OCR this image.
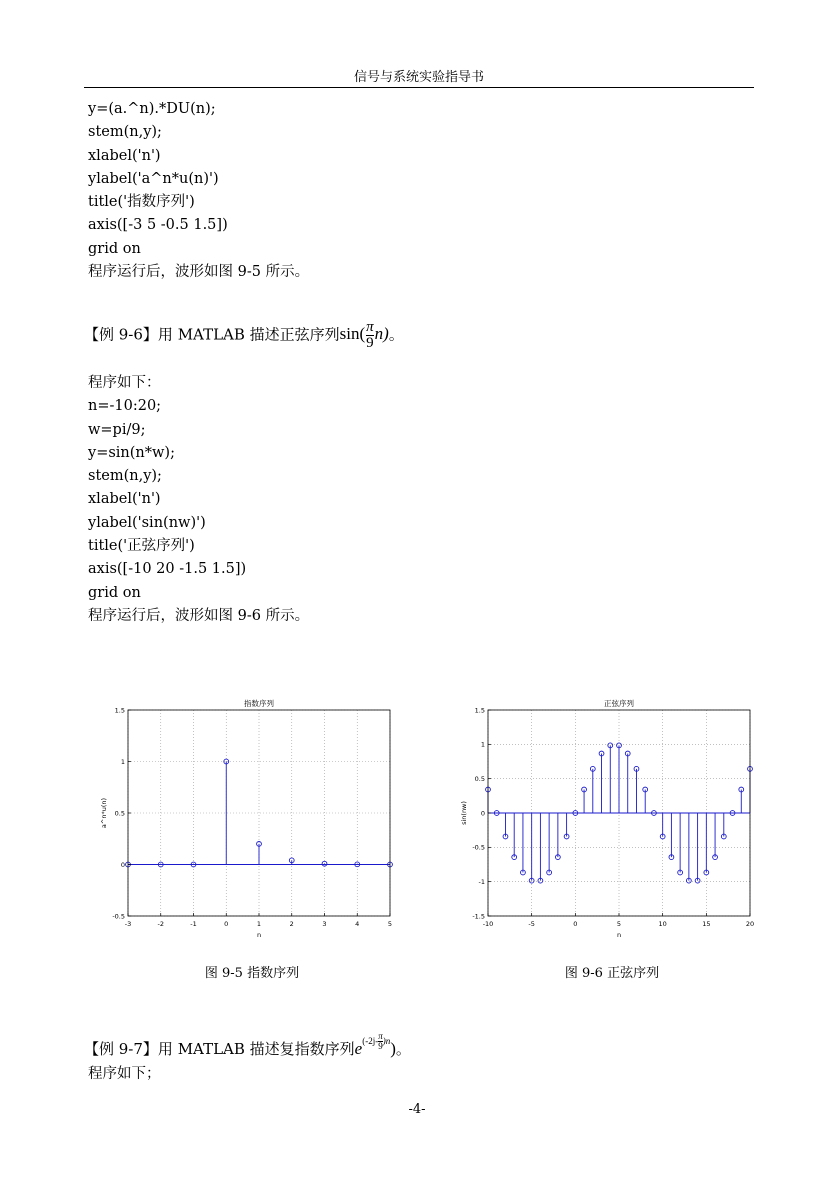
信号与系统实验指导书
y=(a.^n).*DU(n);
stem(n,y);
xlabel('n')
ylabel('a^n*u(n)')
title('指数序列')
axis([-3 5 -0.5 1.5])
grid on
程序运行后，波形如图 9-5 所示。
【例 9-6】用 MATLAB 描述正弦序列$\sin( \frac{\pi}{9} n)$。
程序如下：
n=-10:20;
w=pi/9;
y=sin(n*w);
stem(n,y);
xlabel('n')
ylabel('sin(nw)')
title('正弦序列')
axis([-10 20 -1.5 1.5])
grid on
程序运行后，波形如图 9-6 所示。
-3	-2	-1	0	1	2	3	4	5
-0.5
0
0.5
1
1.5
指数序列
n
a^n*u(n)
-10	-5	0	5	10	15	20
-1.5
-1
-0.5
0
0.5
1
1.5
正弦序列
n
sin(nw)
图 9-5 指数序列	图 9-6 正弦序列
【例 9-7】用 MATLAB 描述复指数序列$e^{(-2j- \frac{\pi}{9} )n}$)。
程序如下；
-4-
